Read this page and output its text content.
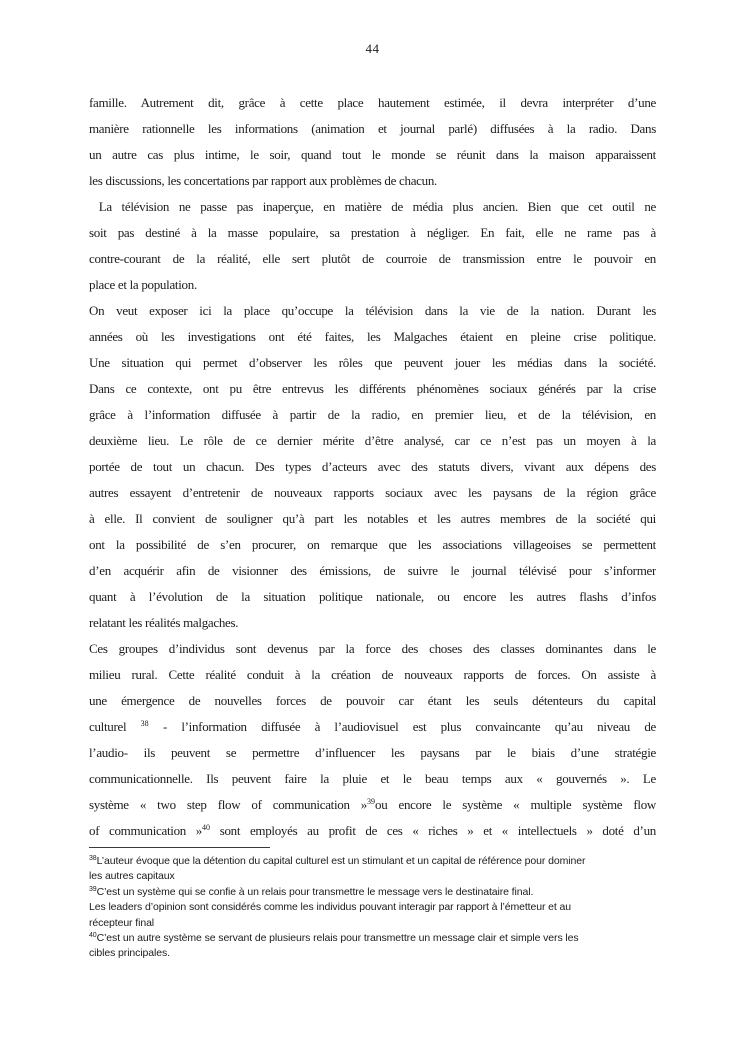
44
famille. Autrement dit, grâce à cette place hautement estimée, il devra interpréter d’une
manière rationnelle les informations (animation et journal parlé) diffusées à la radio. Dans
un autre cas plus intime, le soir, quand tout le monde se réunit dans la maison apparaissent
les discussions, les concertations par rapport aux problèmes de chacun.
La télévision ne passe pas inaperçue, en matière de média plus ancien. Bien que cet outil ne
soit pas destiné à la masse populaire, sa prestation à négliger. En fait, elle ne rame pas à
contre-courant de la réalité, elle sert plutôt de courroie de transmission entre le pouvoir en
place et la population.
On veut exposer ici la place qu’occupe la télévision dans la vie de la nation. Durant les
années où les investigations ont été faites, les Malgaches étaient en pleine crise politique.
Une situation qui permet d’observer les rôles que peuvent jouer les médias dans la société.
Dans ce contexte, ont pu être entrevus les différents phénomènes sociaux générés par la crise
grâce à l’information diffusée à partir de la radio, en premier lieu, et de la télévision, en
deuxième lieu. Le rôle de ce dernier mérite d’être analysé, car ce n’est pas un moyen à la
portée de tout un chacun. Des types d’acteurs avec des statuts divers, vivant aux dépens des
autres essayent d’entretenir de nouveaux rapports sociaux avec les paysans de la région grâce
à elle. Il convient de souligner qu’à part les notables et les autres membres de la société qui
ont la possibilité de s’en procurer, on remarque que les associations villageoises se permettent
d’en acquérir afin de visionner des émissions, de suivre le journal télévisé pour s’informer
quant à l’évolution de la situation politique nationale, ou encore les autres flashs d’infos
relatant les réalités malgaches.
Ces groupes d’individus sont devenus par la force des choses des classes dominantes dans le
milieu rural. Cette réalité conduit à la création de nouveaux rapports de forces. On assiste à
une émergence de nouvelles forces de pouvoir car étant les seuls détenteurs du capital
culturel $^{38}$ - l’information diffusée à l’audiovisuel est plus convaincante qu’au niveau de
l’audio- ils peuvent se permettre d’influencer les paysans par le biais d’une stratégie
communicationnelle. Ils peuvent faire la pluie et le beau temps aux « gouvernés ». Le
système « two step flow of communication »$^{39}$ou encore le système « multiple système flow
of communication »$^{40}$ sont employés au profit de ces « riches » et « intellectuels » doté d’un
$^{38}$L’auteur évoque que la détention du capital culturel est un stimulant et un capital de référence pour dominer
les autres capitaux
$^{39}$C’est un système qui se confie à un relais pour transmettre le message vers le destinataire final.
Les leaders d’opinion sont considérés comme les individus pouvant interagir par rapport à l’émetteur et au
récepteur final
$^{40}$C’est un autre système se servant de plusieurs relais pour transmettre un message clair et simple vers les
cibles principales.
